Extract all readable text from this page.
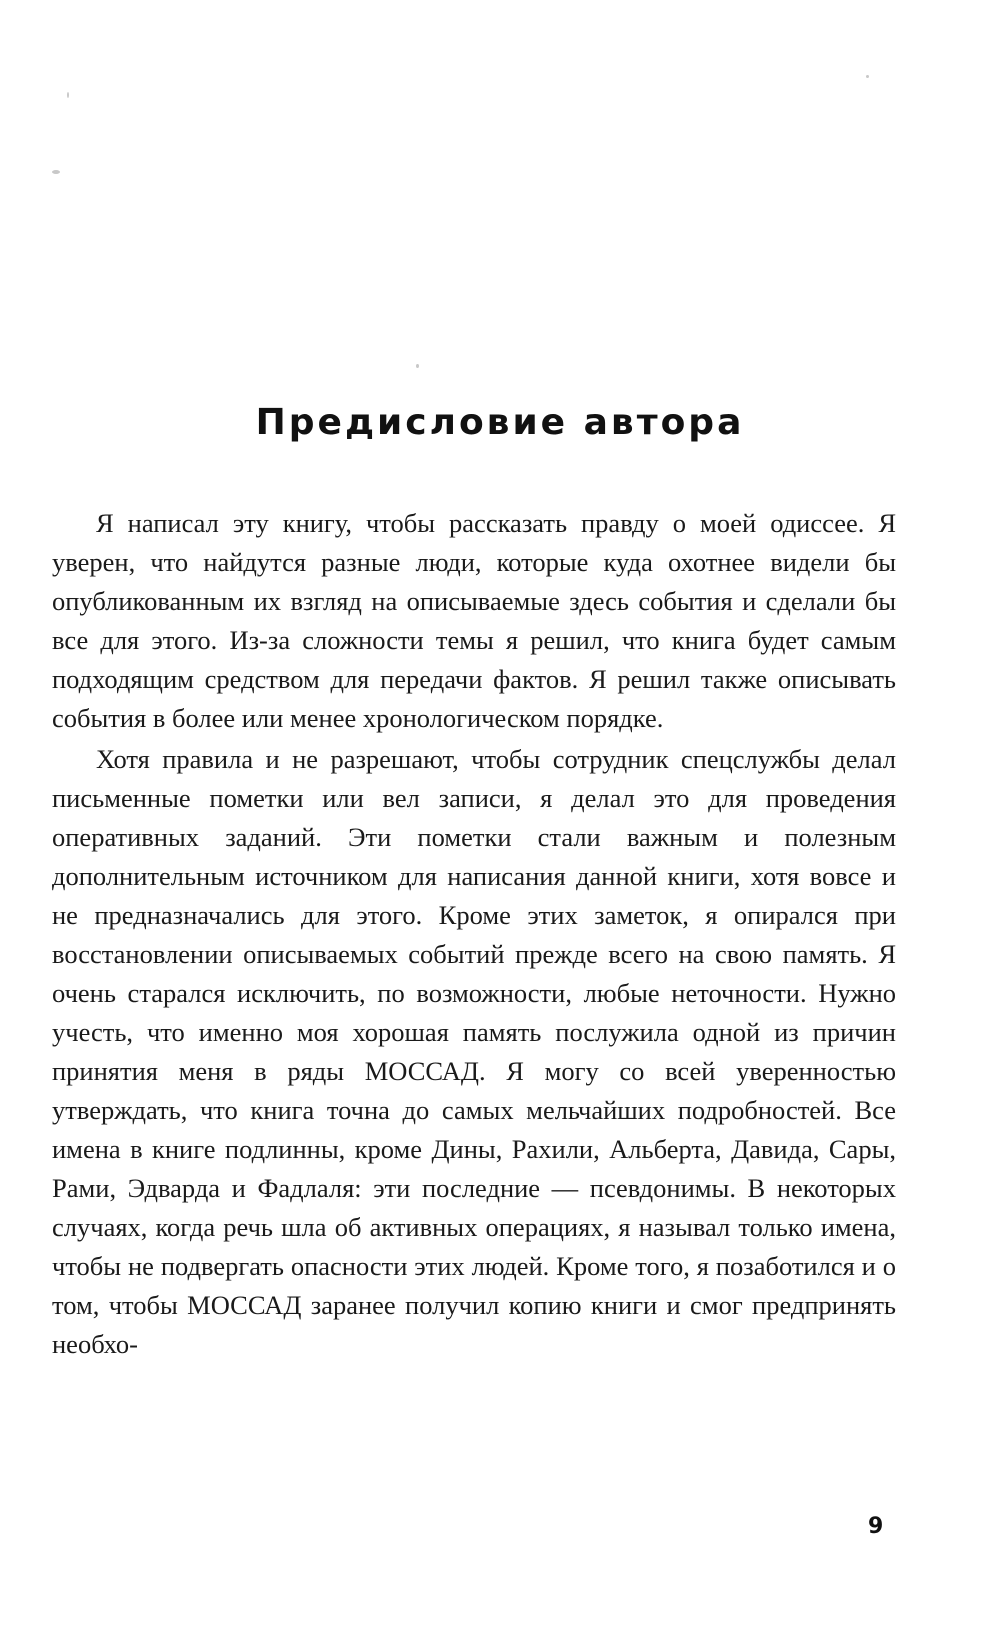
Предисловие автора

Я написал эту книгу, чтобы рассказать правду о моей одиссее. Я уверен, что найдутся разные люди, которые куда охотнее видели бы опубликованным их взгляд на описываемые здесь события и сделали бы все для этого. Из-за сложности темы я решил, что книга будет самым подходящим средством для передачи фактов. Я решил также описывать события в более или менее хронологическом порядке.

Хотя правила и не разрешают, чтобы сотрудник спецслужбы делал письменные пометки или вел записи, я делал это для проведения оперативных заданий. Эти пометки стали важным и полезным дополнительным источником для написания данной книги, хотя вовсе и не предназначались для этого. Кроме этих заметок, я опирался при восстановлении описываемых событий прежде всего на свою память. Я очень старался исключить, по возможности, любые неточности. Нужно учесть, что именно моя хорошая память послужила одной из причин принятия меня в ряды МОССАД. Я могу со всей уверенностью утверждать, что книга точна до самых мельчайших подробностей. Все имена в книге подлинны, кроме Дины, Рахили, Альберта, Давида, Сары, Рами, Эдварда и Фадлаля: эти последние — псевдонимы. В некоторых случаях, когда речь шла об активных операциях, я называл только имена, чтобы не подвергать опасности этих людей. Кроме того, я позаботился и о том, чтобы МОССАД заранее получил копию книги и смог предпринять необхо-

9
